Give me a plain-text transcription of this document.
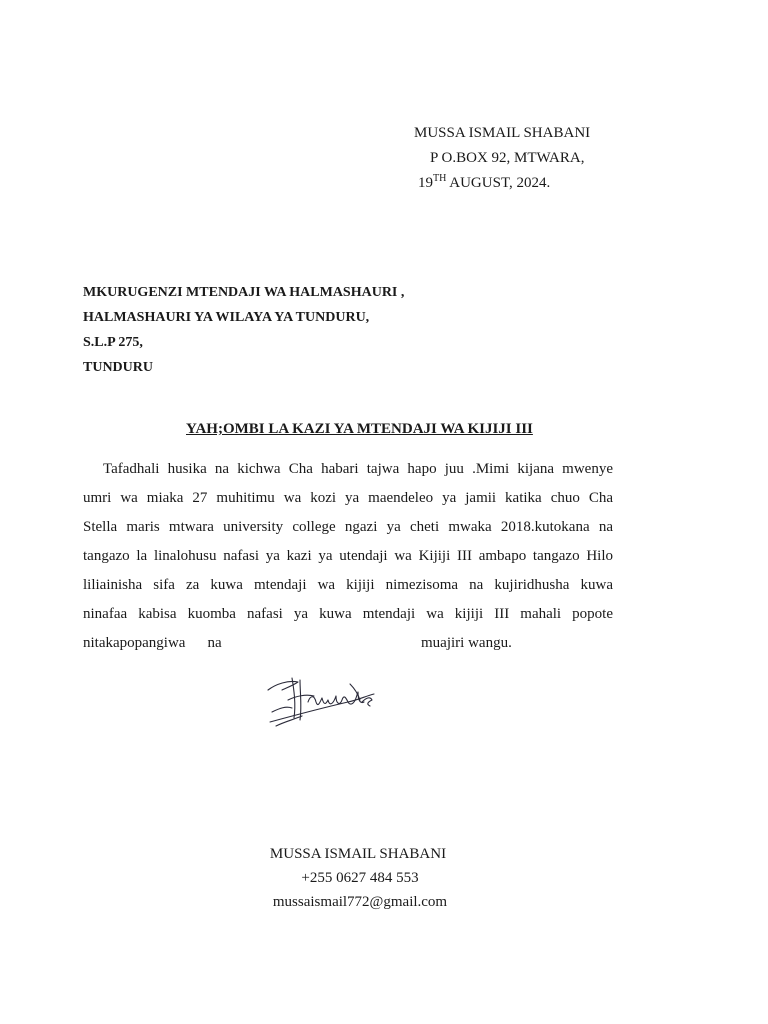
MUSSA ISMAIL SHABANI
P O.BOX 92, MTWARA,
19TH AUGUST, 2024.
MKURUGENZI MTENDAJI WA HALMASHAURI ,
HALMASHAURI YA WILAYA YA TUNDURU,
S.L.P 275,
TUNDURU
YAH;OMBI LA KAZI YA MTENDAJI WA KIJIJI III
Tafadhali husika na kichwa Cha habari tajwa hapo juu .Mimi kijana mwenye
umri wa miaka 27 muhitimu wa kozi ya maendeleo ya jamii katika chuo Cha
Stella maris mtwara university college ngazi ya cheti mwaka 2018.kutokana na
tangazo la linalohusu nafasi ya kazi ya utendaji wa Kijiji III ambapo tangazo Hilo
liliainisha sifa za kuwa mtendaji wa kijiji nimezisoma na kujiridhusha kuwa
ninafaa kabisa kuomba nafasi ya kuwa mtendaji wa kijiji III mahali popote
nitakapopangiwa na	muajiri wangu.
MUSSA ISMAIL SHABANI
+255 0627 484 553
mussaismail772@gmail.com
